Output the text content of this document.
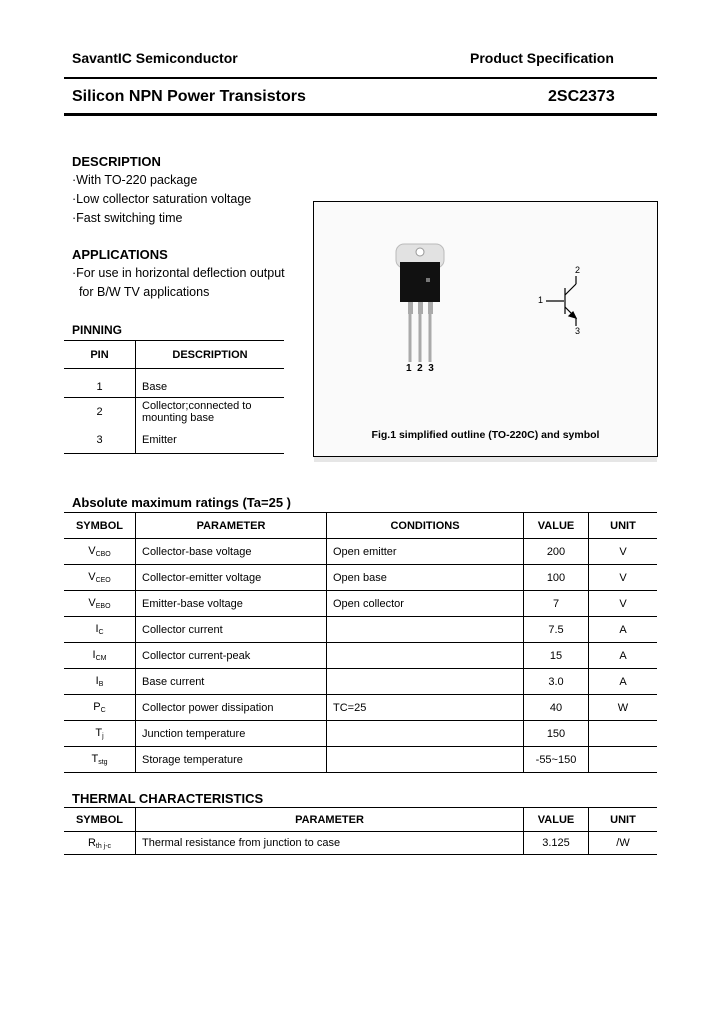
SavantIC Semiconductor	Product Specification
Silicon NPN Power Transistors	2SC2373
DESCRIPTION
·With TO-220 package
·Low collector saturation voltage
·Fast switching time
APPLICATIONS
·For use in horizontal deflection output
for B/W TV applications
PINNING
PIN	DESCRIPTION
1	Base
2	Collector;connected to
mounting base
3	Emitter
1  2  3
1
2
3
Fig.1 simplified outline (TO-220C) and symbol
Absolute maximum ratings (Ta=25 )
SYMBOL	PARAMETER	CONDITIONS	VALUE	UNIT
$V_{CBO}$	Collector-base voltage	Open emitter	200	V
$V_{CEO}$	Collector-emitter voltage	Open base	100	V
$V_{EBO}$	Emitter-base voltage	Open collector	7	V
$I_C$	Collector current		7.5	A
$I_{CM}$	Collector current-peak		15	A
$I_B$	Base current		3.0	A
$P_C$	Collector power dissipation	TC=25	40	W
$T_j$	Junction temperature		150	
$T_{stg}$	Storage temperature		-55~150	
THERMAL CHARACTERISTICS
SYMBOL	PARAMETER	VALUE	UNIT
$R_{th j-c}$	Thermal resistance from junction to case	3.125	/W
